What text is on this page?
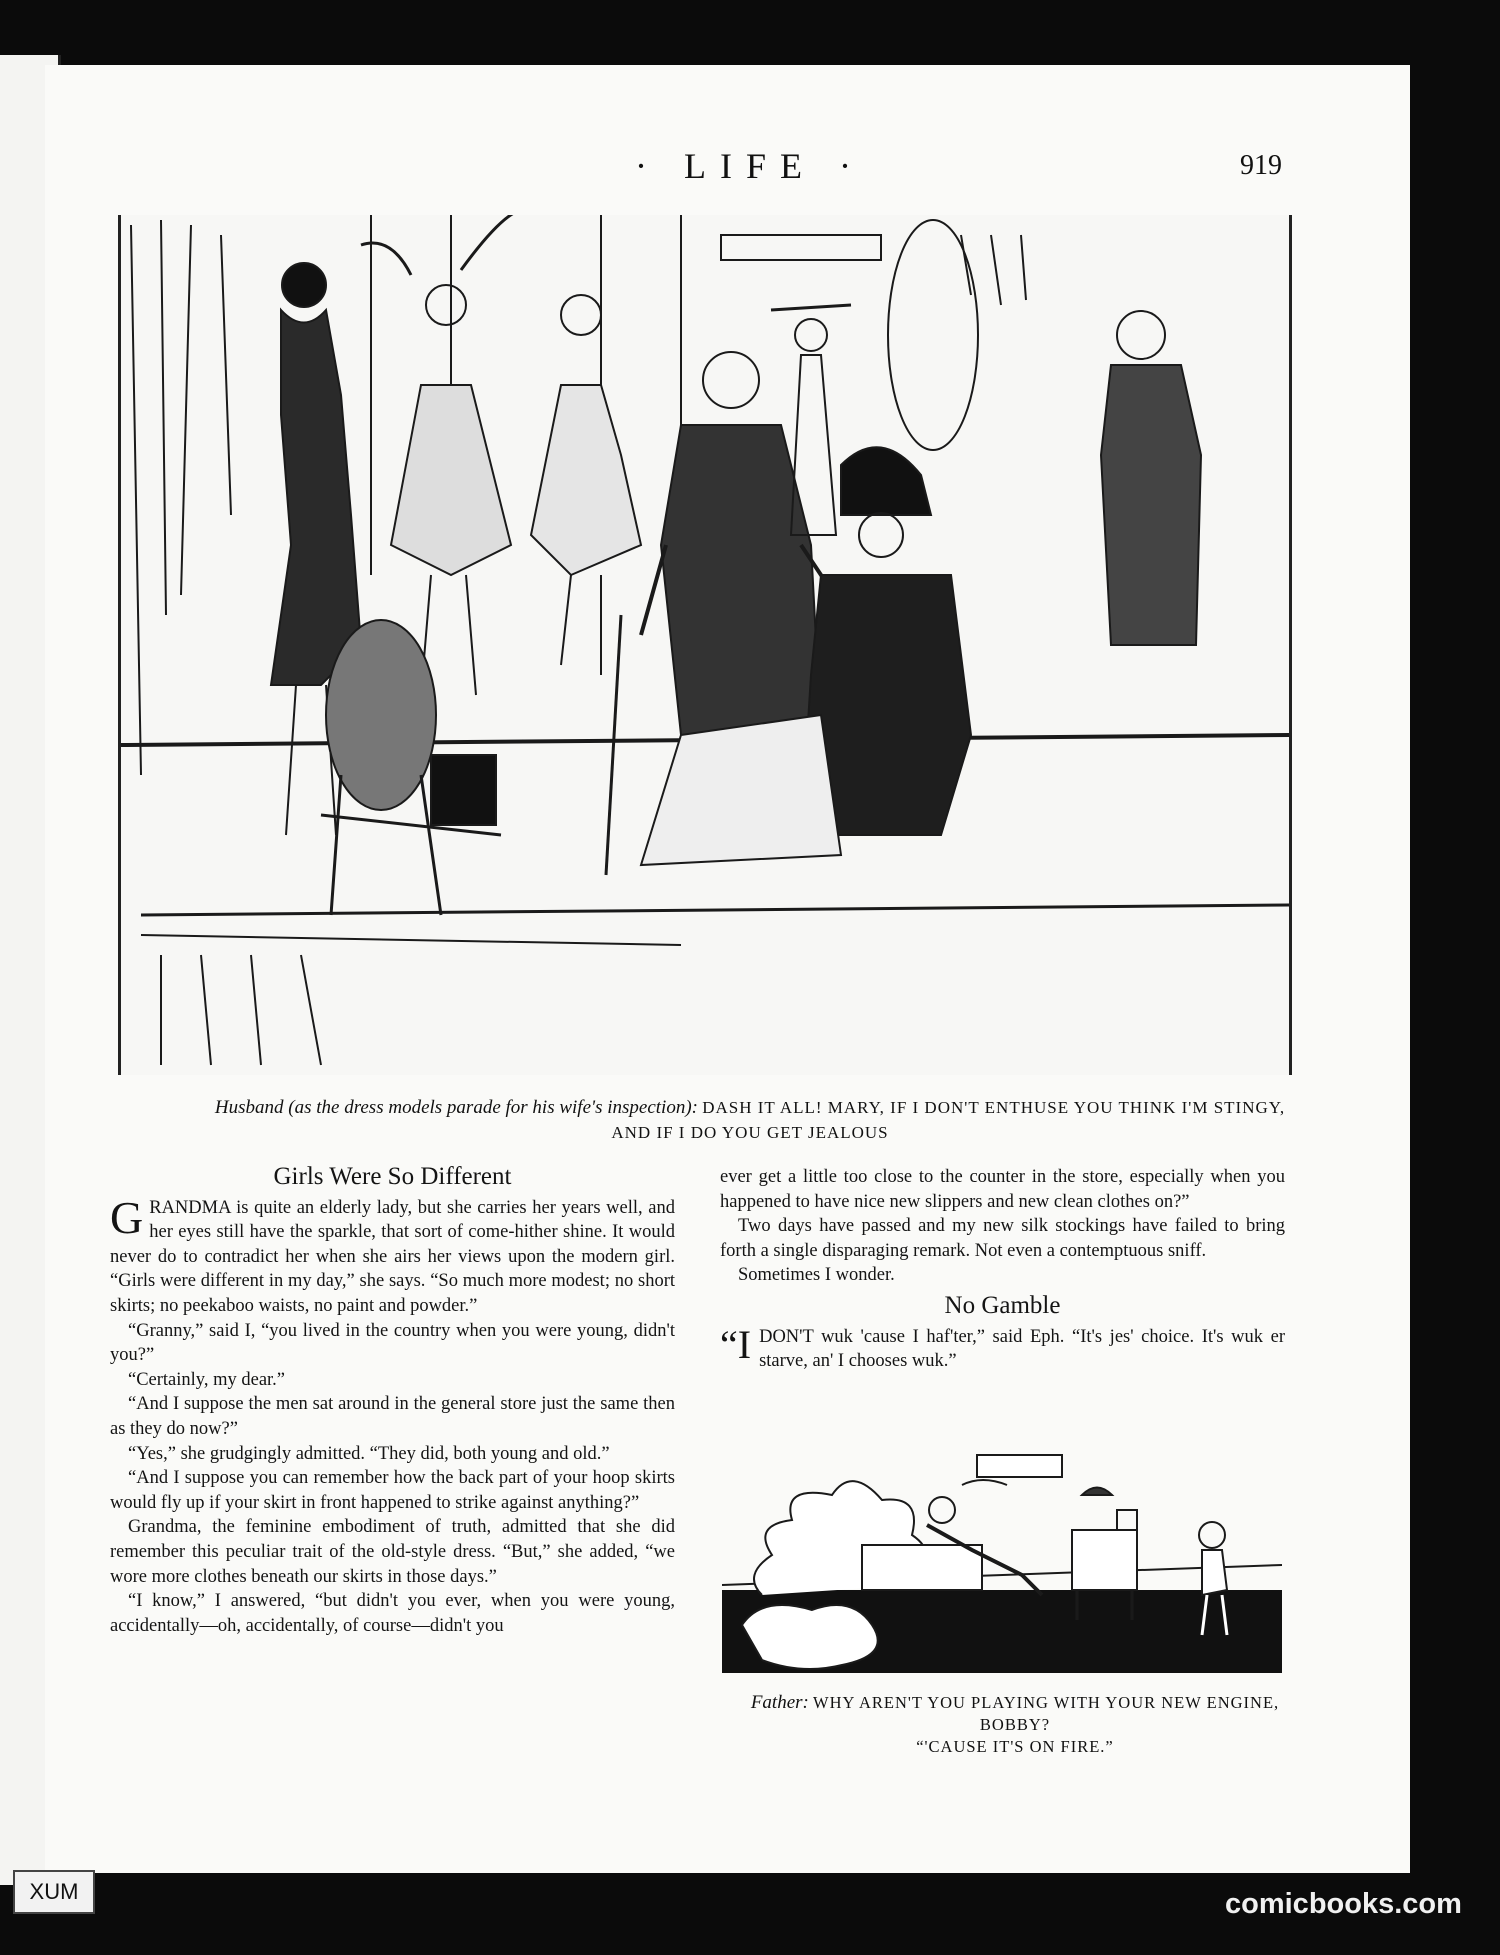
· LIFE ·	919
Husband (as the dress models parade for his wife's inspection): DASH IT ALL! MARY, IF I DON'T ENTHUSE YOU THINK I'M STINGY, AND IF I DO YOU GET JEALOUS
Girls Were So Different

GRANDMA is quite an elderly lady, but she carries her years well, and her eyes still have the sparkle, that sort of come-hither shine. It would never do to contradict her when she airs her views upon the modern girl. “Girls were different in my day,” she says. “So much more modest; no short skirts; no peekaboo waists, no paint and powder.”

“Granny,” said I, “you lived in the country when you were young, didn't you?”

“Certainly, my dear.”

“And I suppose the men sat around in the general store just the same then as they do now?”

“Yes,” she grudgingly admitted. “They did, both young and old.”

“And I suppose you can remember how the back part of your hoop skirts would fly up if your skirt in front happened to strike against anything?”

Grandma, the feminine embodiment of truth, admitted that she did remember this peculiar trait of the old-style dress. “But,” she added, “we wore more clothes beneath our skirts in those days.”

“I know,” I answered, “but didn't you ever, when you were young, accidentally—oh, accidentally, of course—didn't you

ever get a little too close to the counter in the store, especially when you happened to have nice new slippers and new clean clothes on?”

Two days have passed and my new silk stockings have failed to bring forth a single disparaging remark. Not even a contemptuous sniff.

Sometimes I wonder.

No Gamble

“IDON'T wuk 'cause I haf'ter,” said Eph. “It's jes' choice. It's wuk er starve, an' I chooses wuk.”

Father: WHY AREN'T YOU PLAYING WITH YOUR NEW ENGINE, BOBBY?
“'CAUSE IT'S ON FIRE.”
XUM	comicbooks.com
